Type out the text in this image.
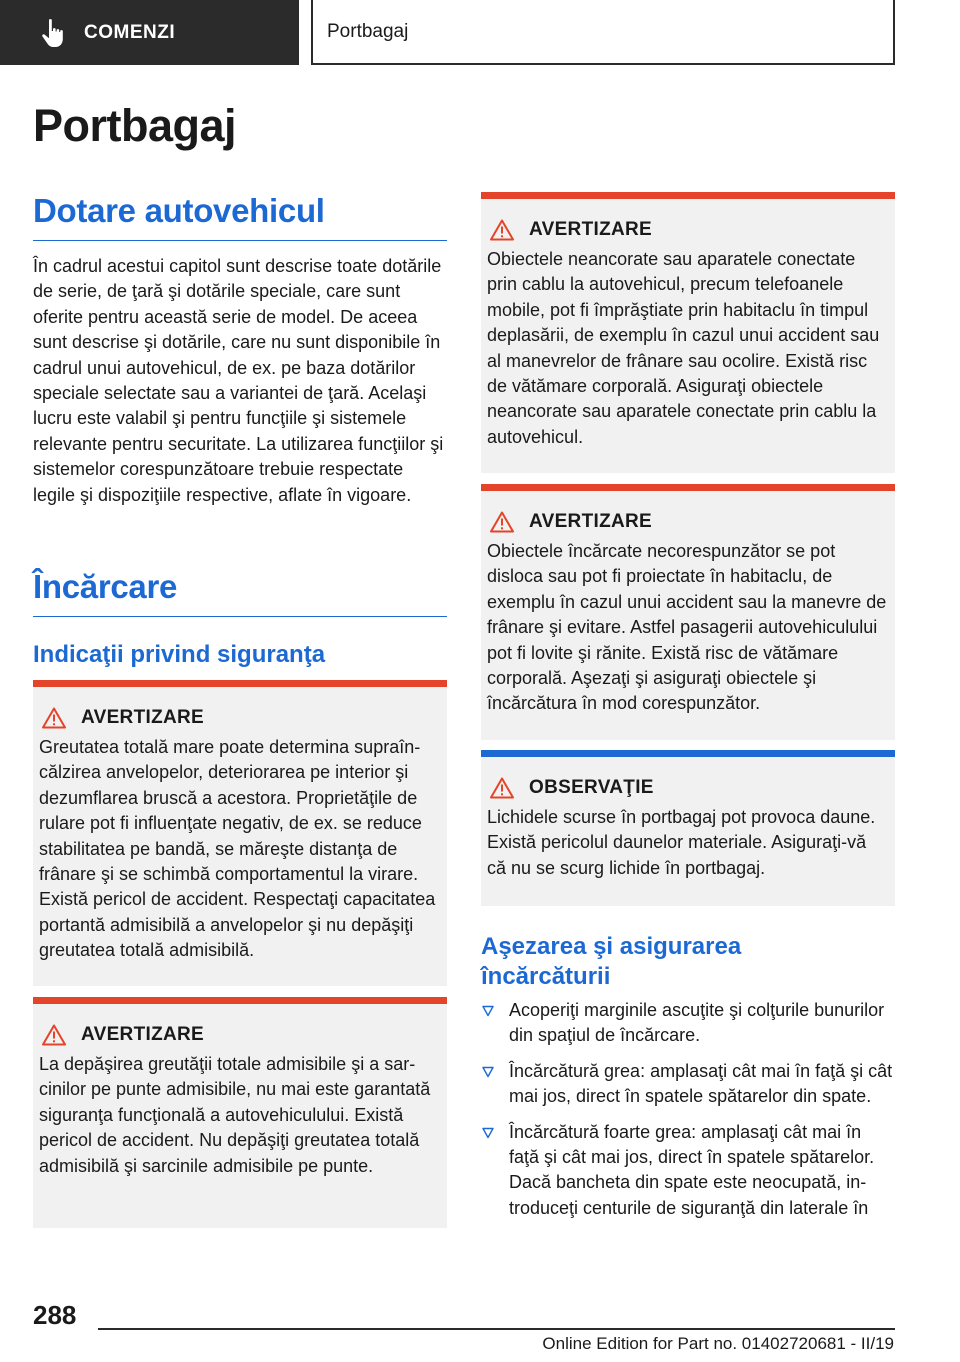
COMENZI	Portbagaj
Portbagaj
Dotare autovehicul
În cadrul acestui capitol sunt descrise toate dotările de serie, de ţară şi dotările speciale, care sunt oferite pentru această serie de model. De aceea sunt descrise şi dotările, care nu sunt disponibile în cadrul unui autovehicul, de ex. pe baza dotărilor speciale selectate sau a variantei de ţară. Acelaşi lucru este valabil şi pentru funcţiile şi sistemele relevante pentru securitate. La utilizarea funcţiilor şi sistemelor corespunzătoare trebuie respectate legile şi dispoziţiile respective, aflate în vigoare.
Încărcare
Indicaţii privind siguranţa
AVERTIZARE
Greutatea totală mare poate determina supraîncălzirea anvelopelor, deteriorarea pe interior şi dezumflarea bruscă a acestora. Proprietăţile de rulare pot fi influenţate negativ, de ex. se reduce stabilitatea pe bandă, se măreşte distanţa de frânare şi se schimbă comportamentul la virare. Există pericol de accident. Respectaţi capacitatea portantă admisibilă a anvelopelor şi nu depăşiţi greutatea totală admisibilă.
AVERTIZARE
La depăşirea greutăţii totale admisibile şi a sarcinilor pe punte admisibile, nu mai este garantată siguranţa funcţională a autovehiculului. Există pericol de accident. Nu depăşiţi greutatea totală admisibilă şi sarcinile admisibile pe punte.
AVERTIZARE
Obiectele neancorate sau aparatele conectate prin cablu la autovehicul, precum telefoanele mobile, pot fi împrăştiate prin habitaclu în timpul deplasării, de exemplu în cazul unui accident sau al manevrelor de frânare sau ocolire. Există risc de vătămare corporală. Asiguraţi obiectele neancorate sau aparatele conectate prin cablu la autovehicul.
AVERTIZARE
Obiectele încărcate necorespunzător se pot disloca sau pot fi proiectate în habitaclu, de exemplu în cazul unui accident sau la manevre de frânare şi evitare. Astfel pasagerii autovehiculului pot fi lovite şi rănite. Există risc de vătămare corporală. Aşezaţi şi asiguraţi obiectele şi încărcătura în mod corespunzător.
OBSERVAŢIE
Lichidele scurse în portbagaj pot provoca daune. Există pericolul daunelor materiale. Asiguraţi-vă că nu se scurg lichide în portbagaj.
Aşezarea şi asigurarea încărcăturii
Acoperiţi marginile ascuţite şi colţurile bunurilor din spaţiul de încărcare.
Încărcătură grea: amplasaţi cât mai în faţă şi cât mai jos, direct în spatele spătarelor din spate.
Încărcătură foarte grea: amplasaţi cât mai în faţă şi cât mai jos, direct în spatele spătarelor. Dacă bancheta din spate este neocupată, introduceţi centurile de siguranţă din laterale în
288
Online Edition for Part no. 01402720681 - II/19
